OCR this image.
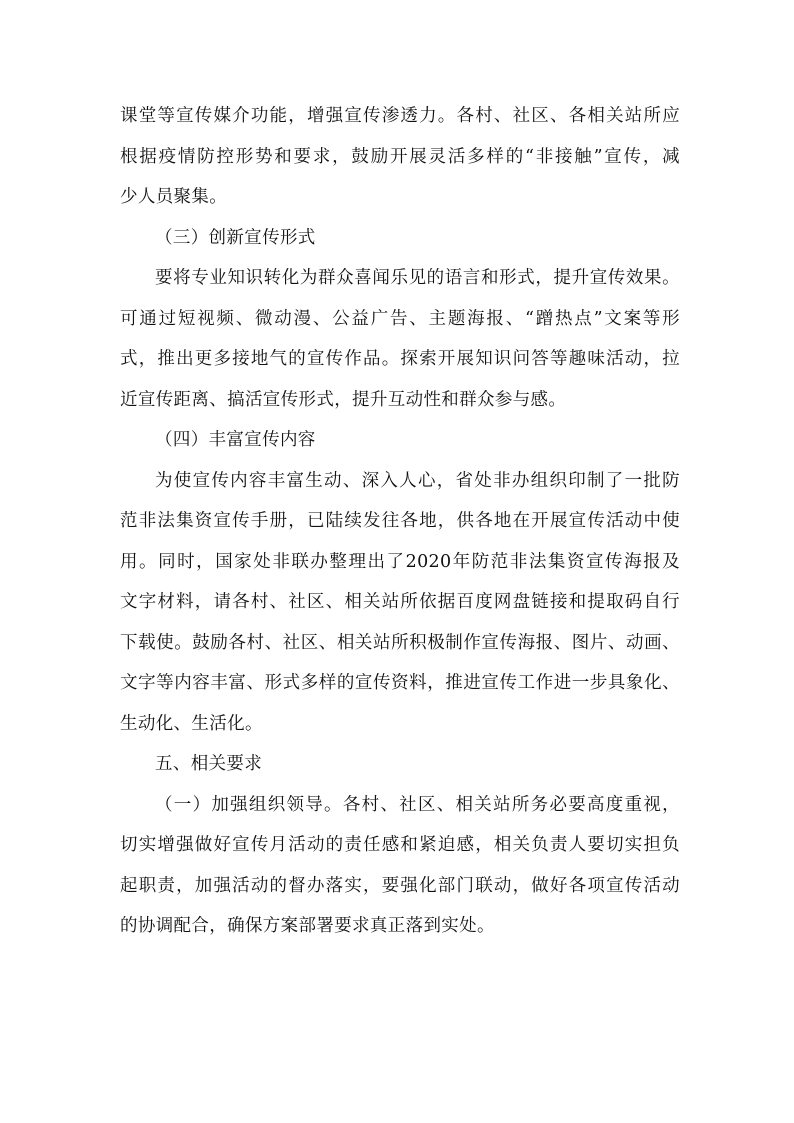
课堂等宣传媒介功能，增强宣传渗透力。各村、社区、各相关站所应
根据疫情防控形势和要求，鼓励开展灵活多样的“非接触”宣传，减
少人员聚集。
（三）创新宣传形式
要将专业知识转化为群众喜闻乐见的语言和形式，提升宣传效果。
可通过短视频、微动漫、公益广告、主题海报、“蹭热点”文案等形
式，推出更多接地气的宣传作品。探索开展知识问答等趣味活动，拉
近宣传距离、搞活宣传形式，提升互动性和群众参与感。
（四）丰富宣传内容
为使宣传内容丰富生动、深入人心，省处非办组织印制了一批防
范非法集资宣传手册，已陆续发往各地，供各地在开展宣传活动中使
用。同时，国家处非联办整理出了2020年防范非法集资宣传海报及
文字材料，请各村、社区、相关站所依据百度网盘链接和提取码自行
下载使。鼓励各村、社区、相关站所积极制作宣传海报、图片、动画、
文字等内容丰富、形式多样的宣传资料，推进宣传工作进一步具象化、
生动化、生活化。
五、相关要求
（一）加强组织领导。各村、社区、相关站所务必要高度重视，
切实增强做好宣传月活动的责任感和紧迫感，相关负责人要切实担负
起职责，加强活动的督办落实，要强化部门联动，做好各项宣传活动
的协调配合，确保方案部署要求真正落到实处。
